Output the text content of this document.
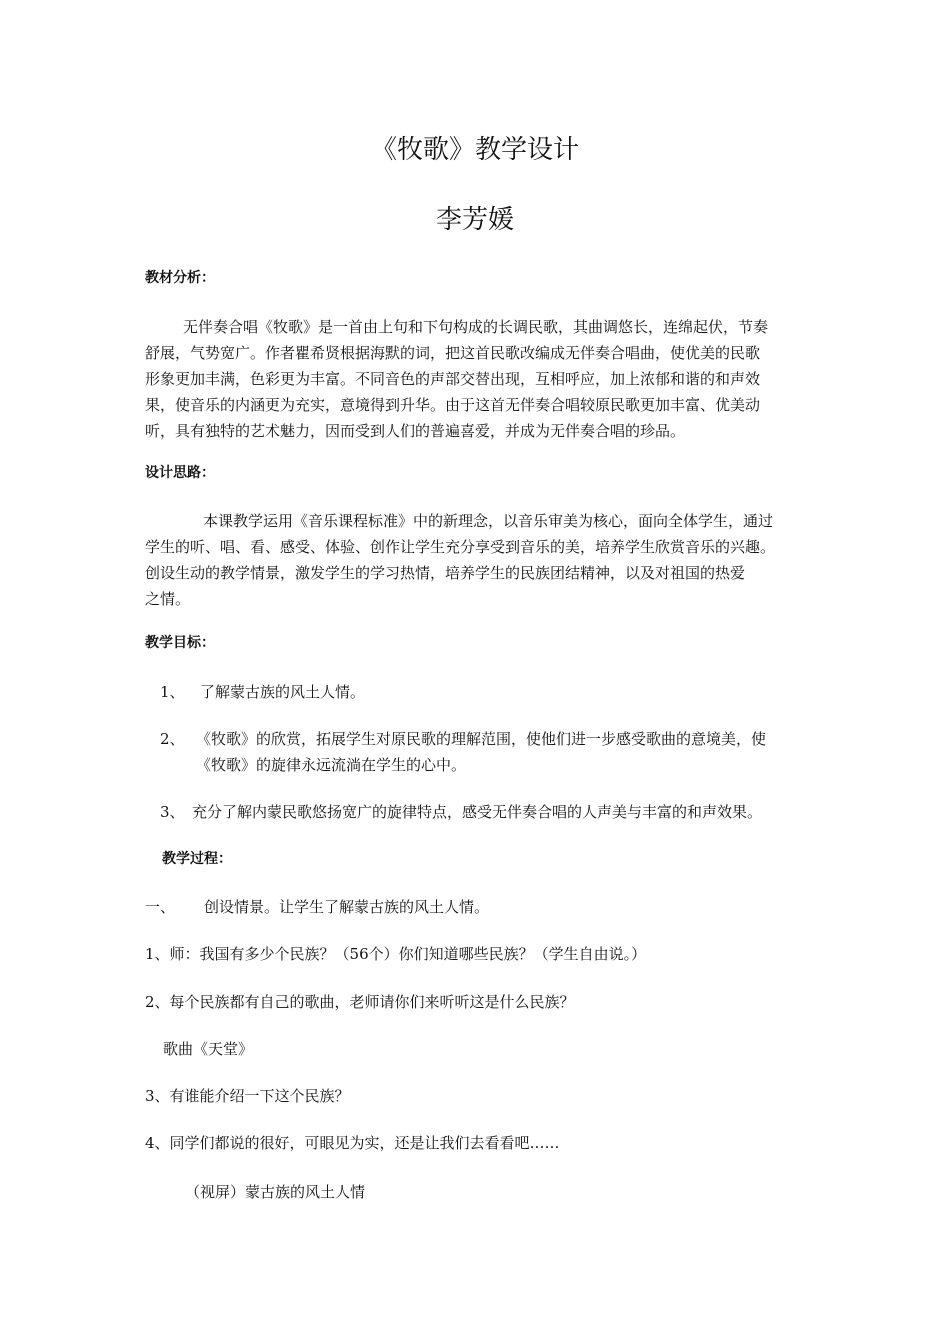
《牧歌》教学设计
李芳媛
教材分析：
无伴奏合唱《牧歌》是一首由上句和下句构成的长调民歌，其曲调悠长，连绵起伏，节奏
舒展，气势宽广。作者瞿希贤根据海默的词，把这首民歌改编成无伴奏合唱曲，使优美的民歌
形象更加丰满，色彩更为丰富。不同音色的声部交替出现，互相呼应，加上浓郁和谐的和声效
果，使音乐的内涵更为充实，意境得到升华。由于这首无伴奏合唱较原民歌更加丰富、优美动
听，具有独特的艺术魅力，因而受到人们的普遍喜爱，并成为无伴奏合唱的珍品。
设计思路：
本课教学运用《音乐课程标准》中的新理念，以音乐审美为核心，面向全体学生，通过
学生的听、唱、看、感受、体验、创作让学生充分享受到音乐的美，培养学生欣赏音乐的兴趣。
创设生动的教学情景，激发学生的学习热情，培养学生的民族团结精神，以及对祖国的热爱
之情。
教学目标：
1、 了解蒙古族的风土人情。
2、 《牧歌》的欣赏，拓展学生对原民歌的理解范围，使他们进一步感受歌曲的意境美，使
《牧歌》的旋律永远流淌在学生的心中。
3、 充分了解内蒙民歌悠扬宽广的旋律特点，感受无伴奏合唱的人声美与丰富的和声效果。
教学过程：
一、 创设情景。让学生了解蒙古族的风土人情。
1、师：我国有多少个民族？（56个）你们知道哪些民族？（学生自由说。）
2、每个民族都有自己的歌曲，老师请你们来听听这是什么民族？
歌曲《天堂》
3、有谁能介绍一下这个民族？
4、同学们都说的很好，可眼见为实，还是让我们去看看吧……
（视屏）蒙古族的风土人情
